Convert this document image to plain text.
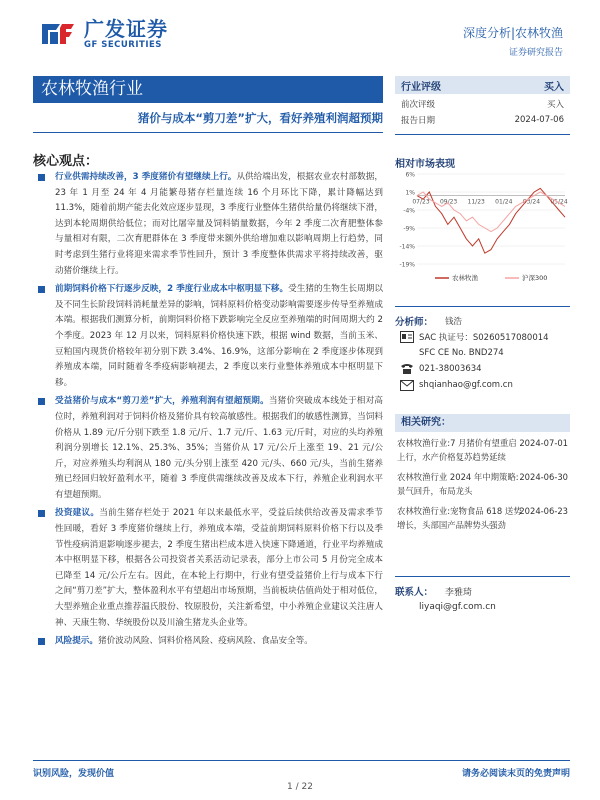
广发证券
GF SECURITIES
深度分析|农林牧渔
证券研究报告
农林牧渔行业
猪价与成本“剪刀差”扩大，看好养殖利润超预期
核心观点：
行业供需持续改善，3 季度猪价有望继续上行。从供给端出发，根据农业农村部数据，23 年 1 月至 24 年 4 月能繁母猪存栏量连续 16 个月环比下降，累计降幅达到 11.3%，随着前期产能去化效应逐步显现，3 季度行业整体生猪供给量仍将继续下滑，达到本轮周期供给低位；而对比屠宰量及饲料销量数据，今年 2 季度二次育肥整体参与量相对有限，二次育肥群体在 3 季度带来额外供给增加难以影响周期上行趋势，同时考虑到生猪行业将迎来需求季节性回升，预计 3 季度整体供需求平将持续改善，驱动猪价继续上行。
前期饲料价格下行逐步反映，2 季度行业成本中枢明显下移。受生猪的生物生长周期以及不同生长阶段饲料消耗量差异的影响，饲料原料价格变动影响需要逐步传导至养殖成本端。根据我们测算分析，前期饲料价格下跌影响完全反应至养殖端的时间周期大约 2 个季度。2023 年 12 月以来，饲料原料价格快速下跌，根据 wind 数据，当前玉米、豆粕国内现货价格较年初分别下跌 3.4%、16.9%，这部分影响在 2 季度逐步体现到养殖成本端，同时随着冬季疫病影响褪去，2 季度以来行业整体养殖成本中枢明显下移。
受益猪价与成本“剪刀差”扩大，养殖利润有望超预期。当猪价突破成本线处于相对高位时，养殖利润对于饲料价格及猪价具有较高敏感性。根据我们的敏感性测算，当饲料价格从 1.89 元/斤分别下跌至 1.8 元/斤、1.7 元/斤、1.63 元/斤时，对应的头均养殖利润分别增长 12.1%、25.3%、35%；当猪价从 17 元/公斤上涨至 19、21 元/公斤，对应养殖头均利润从 180 元/头分别上涨至 420 元/头、660 元/头，当前生猪养殖已经回归较好盈利水平，随着 3 季度供需继续改善及成本下行，养殖企业利润水平有望超预期。
投资建议。当前生猪存栏处于 2021 年以来最低水平，受益后续供给改善及需求季节性回暖，看好 3 季度猪价继续上行，养殖成本端，受益前期饲料原料价格下行以及季节性疫病消退影响逐步褪去，2 季度生猪出栏成本进入快速下降通道，行业平均养殖成本中枢明显下移，根据各公司投资者关系活动记录表，部分上市公司 5 月份完全成本已降至 14 元/公斤左右。因此，在本轮上行期中，行业有望受益猪价上行与成本下行之间“剪刀差”扩大，整体盈利水平有望超出市场预期，当前板块估值尚处于相对低位，大型养殖企业重点推荐温氏股份、牧原股份，关注新希望，中小养殖企业建议关注唐人神、天康生物、华统股份以及川渝生猪龙头企业等。
风险提示。猪价波动风险、饲料价格风险、疫病风险、食品安全等。
行业评级	买入
前次评级	买入
报告日期	2024-07-06
相对市场表现
6%
1%
-4%
-9%
-14%
-19%
07/23 09/23 11/23 01/24 03/24 05/24
农林牧渔	沪深300
分析师：	钱浩
SAC 执证号：S0260517080014
SFC CE No. BND274
021-38003634
shqianhao@gf.com.cn
相关研究：
农林牧渔行业:7 月猪价有望重启上行，水产价格复苏趋势延续
2024-07-01
农林牧渔行业 2024 年中期策略:景气回升，布局龙头
2024-06-30
农林牧渔行业:宠物食品 618 送势增长，头部国产品牌势头强劲
2024-06-23
联系人：	李雅琦
liyaqi@gf.com.cn
识别风险，发现价值	请务必阅读末页的免责声明
1 / 22
